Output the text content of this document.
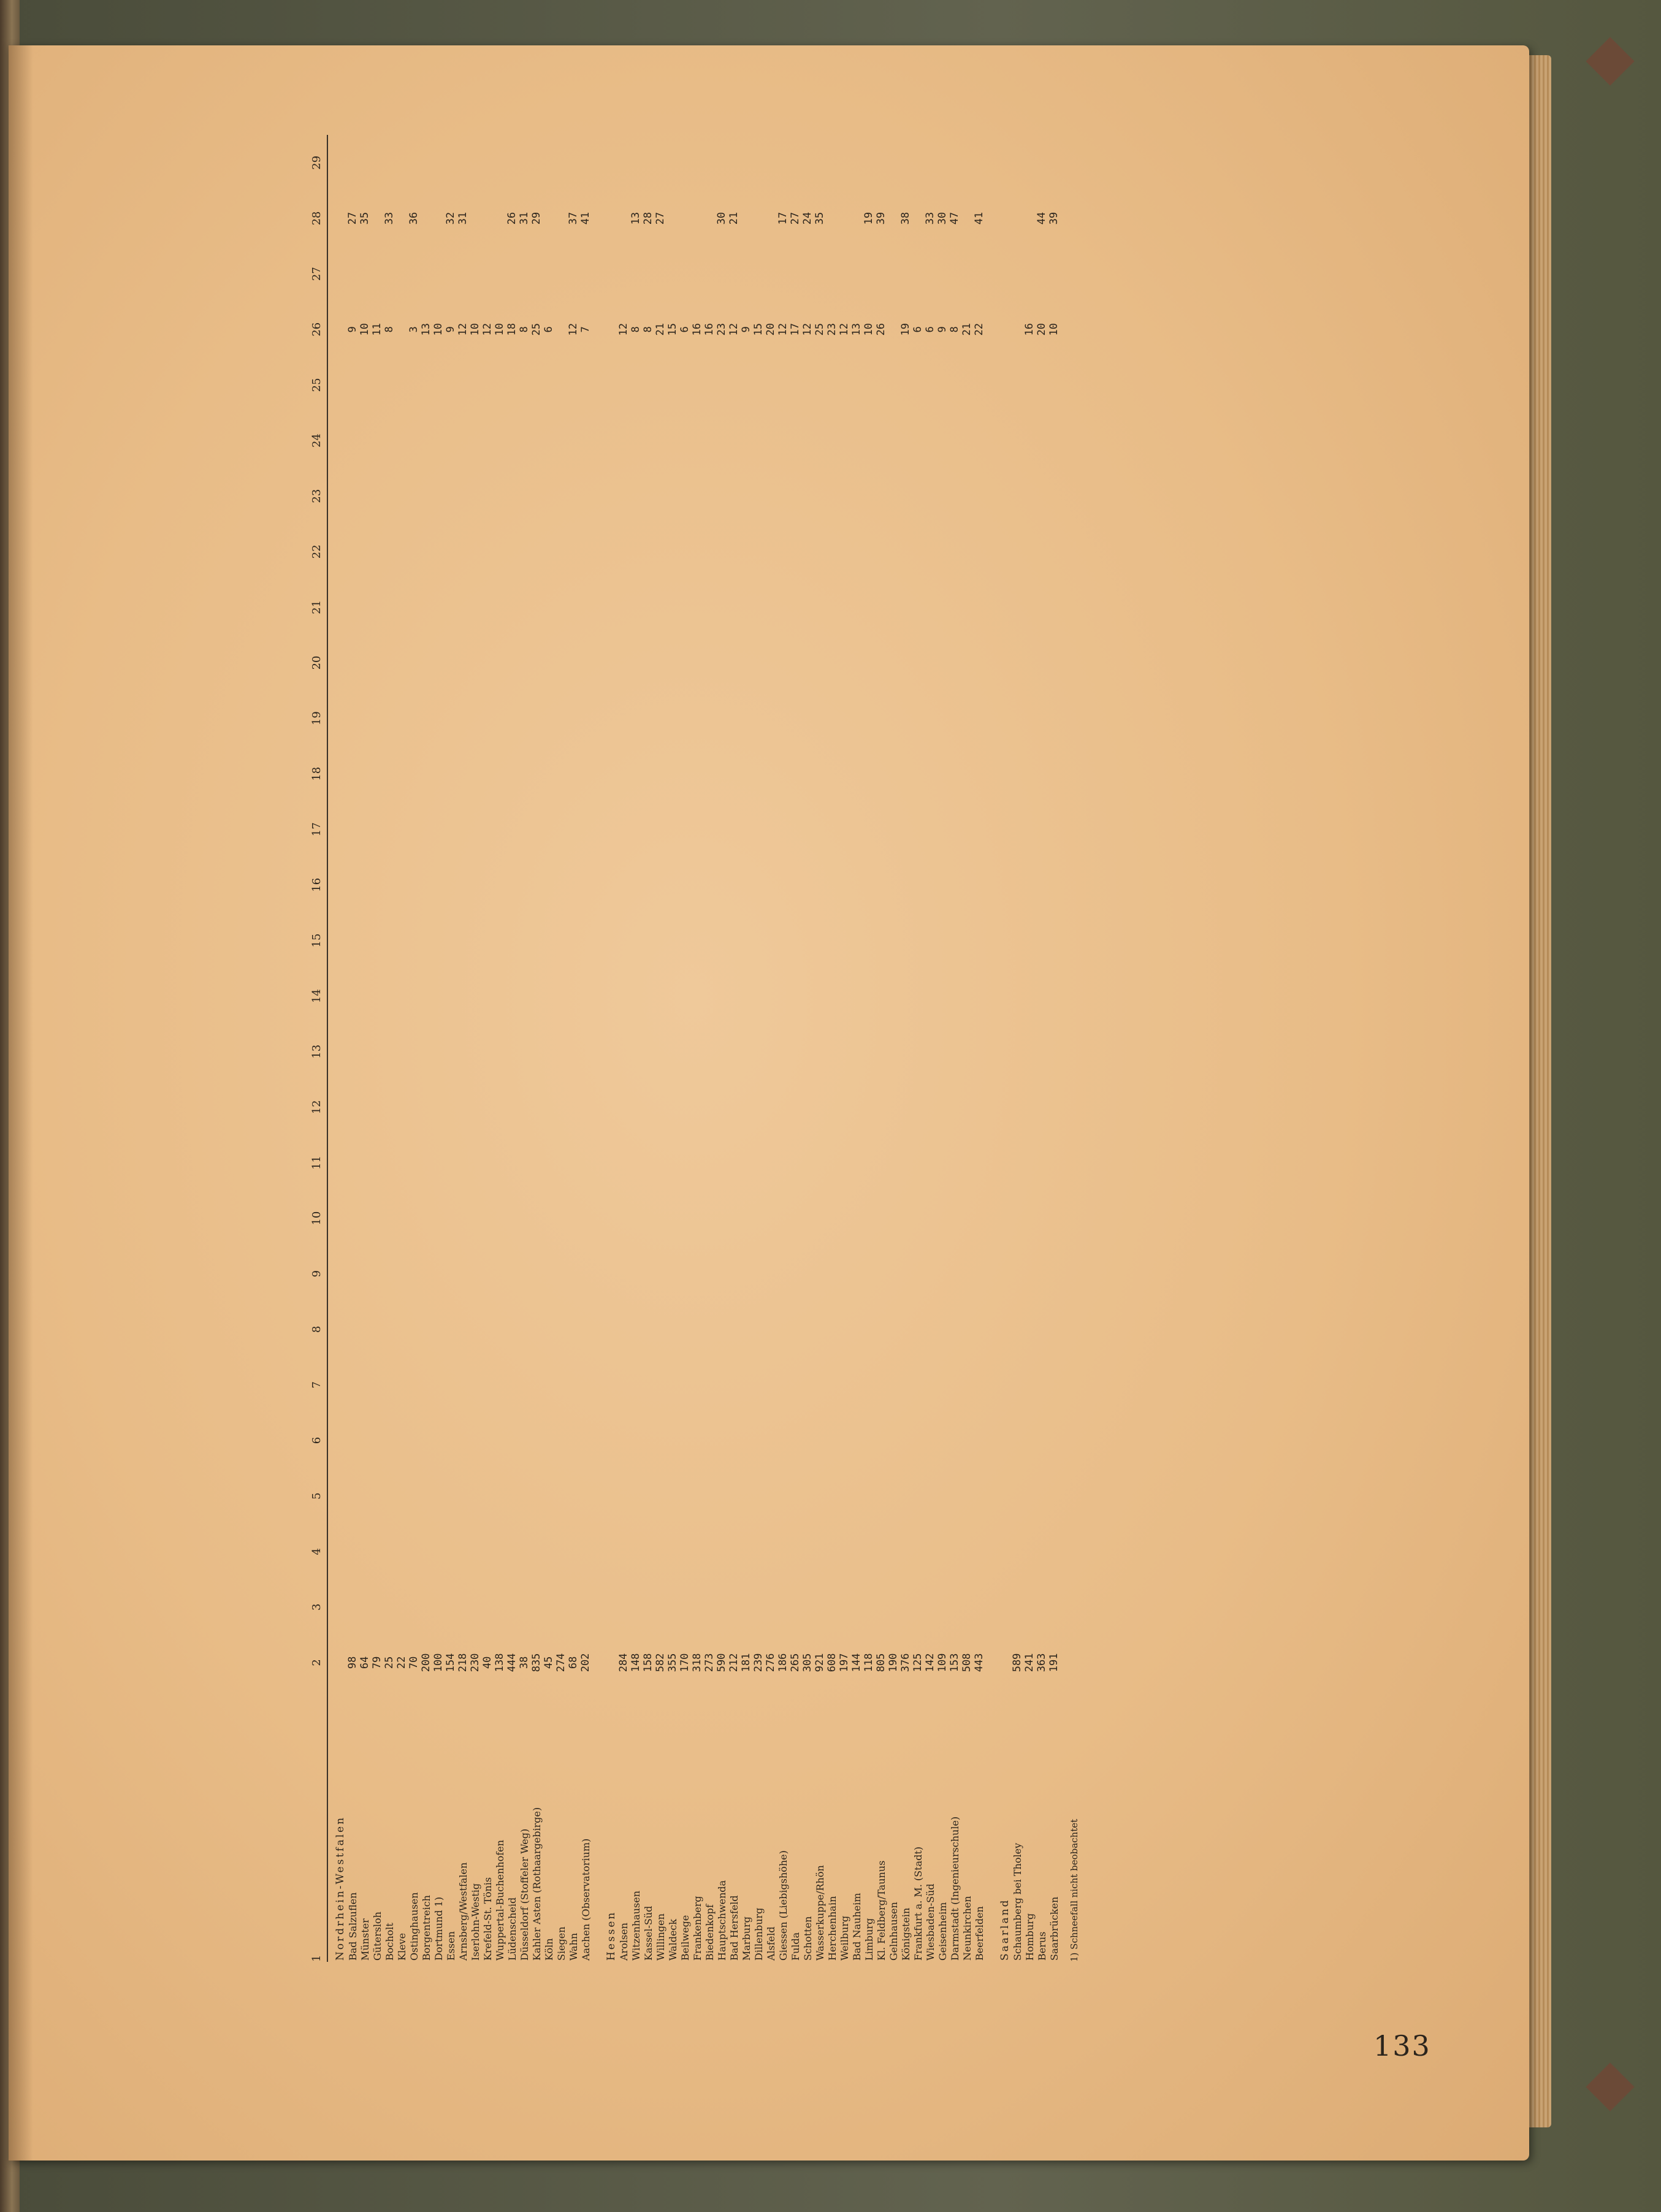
1	2	3	4	5	6	7	8	9	10	11	12	13	14	15	16	17	18	19	20	21	22	23	24	25	26	27	28	29
Nordrhein-Westfalen																												
Bad Salzuflen	98																								9		27	
Münster	64																								10		35	
Gütersloh	79																								11			
Bocholt	25																								8		33	
Kleve	22																											
Ostinghausen	70																								3		36	
Borgentreich	200																								13			
Dortmund 1)	100																								10			
Essen	154																								9		32	
Arnsberg/Westfalen	218																								12		31	
Iserlohn-Westig	230																								10			
Krefeld-St. Tönis	40																								12			
Wuppertal-Buchenhofen	138																								10			
Lüdenscheid	444																								18		26	
Düsseldorf (Stoffeler Weg)	38																								8		31	
Kahler Asten (Rothaargebirge)	835																								25		29	
Köln	45																								6			
Siegen	274																											
Wahn	68																								12		37	
Aachen (Observatorium)	202																								7		41	

Hessen																												
Arolsen	284																								12			
Witzenhausen	148																								8		13	
Kassel-Süd	158																								8		28	
Willingen	582																								21		27	
Waldeck	355																								15			
Beilwege	170																								6			
Frankenberg	318																								16			
Biedenkopf	273																								16			
Hauptschwenda	590																								23		30	
Bad Hersfeld	212																								12		21	
Marburg	181																								9			
Dillenburg	239																								15			
Alsfeld	276																								20			
Giessen (Liebigshöhe)	186																								12		17	
Fulda	265																								17		27	
Schotten	305																								12		24	
Wasserkuppe/Rhön	921																								25		35	
Herchenhain	608																								23			
Weilburg	197																								12			
Bad Nauheim	144																								13			
Limburg	118																								10		19	
Kl. Feldberg/Taunus	805																								26		39	
Gelnhausen	190																											
Königstein	376																								19		38	
Frankfurt a. M. (Stadt)	125																								6			
Wiesbaden-Süd	142																								6		33	
Geisenheim	109																								9		30	
Darmstadt (Ingenieurschule)	153																								8		47	
Neunkirchen	508																								21			
Beerfelden	443																								22		41	

Saarland																												
Schaumberg bei Tholey	589																											
Homburg	241																								16			
Berus	363																								20		44	
Saarbrücken	191																								10		39	
1) Schneefall nicht beobachtet
133
